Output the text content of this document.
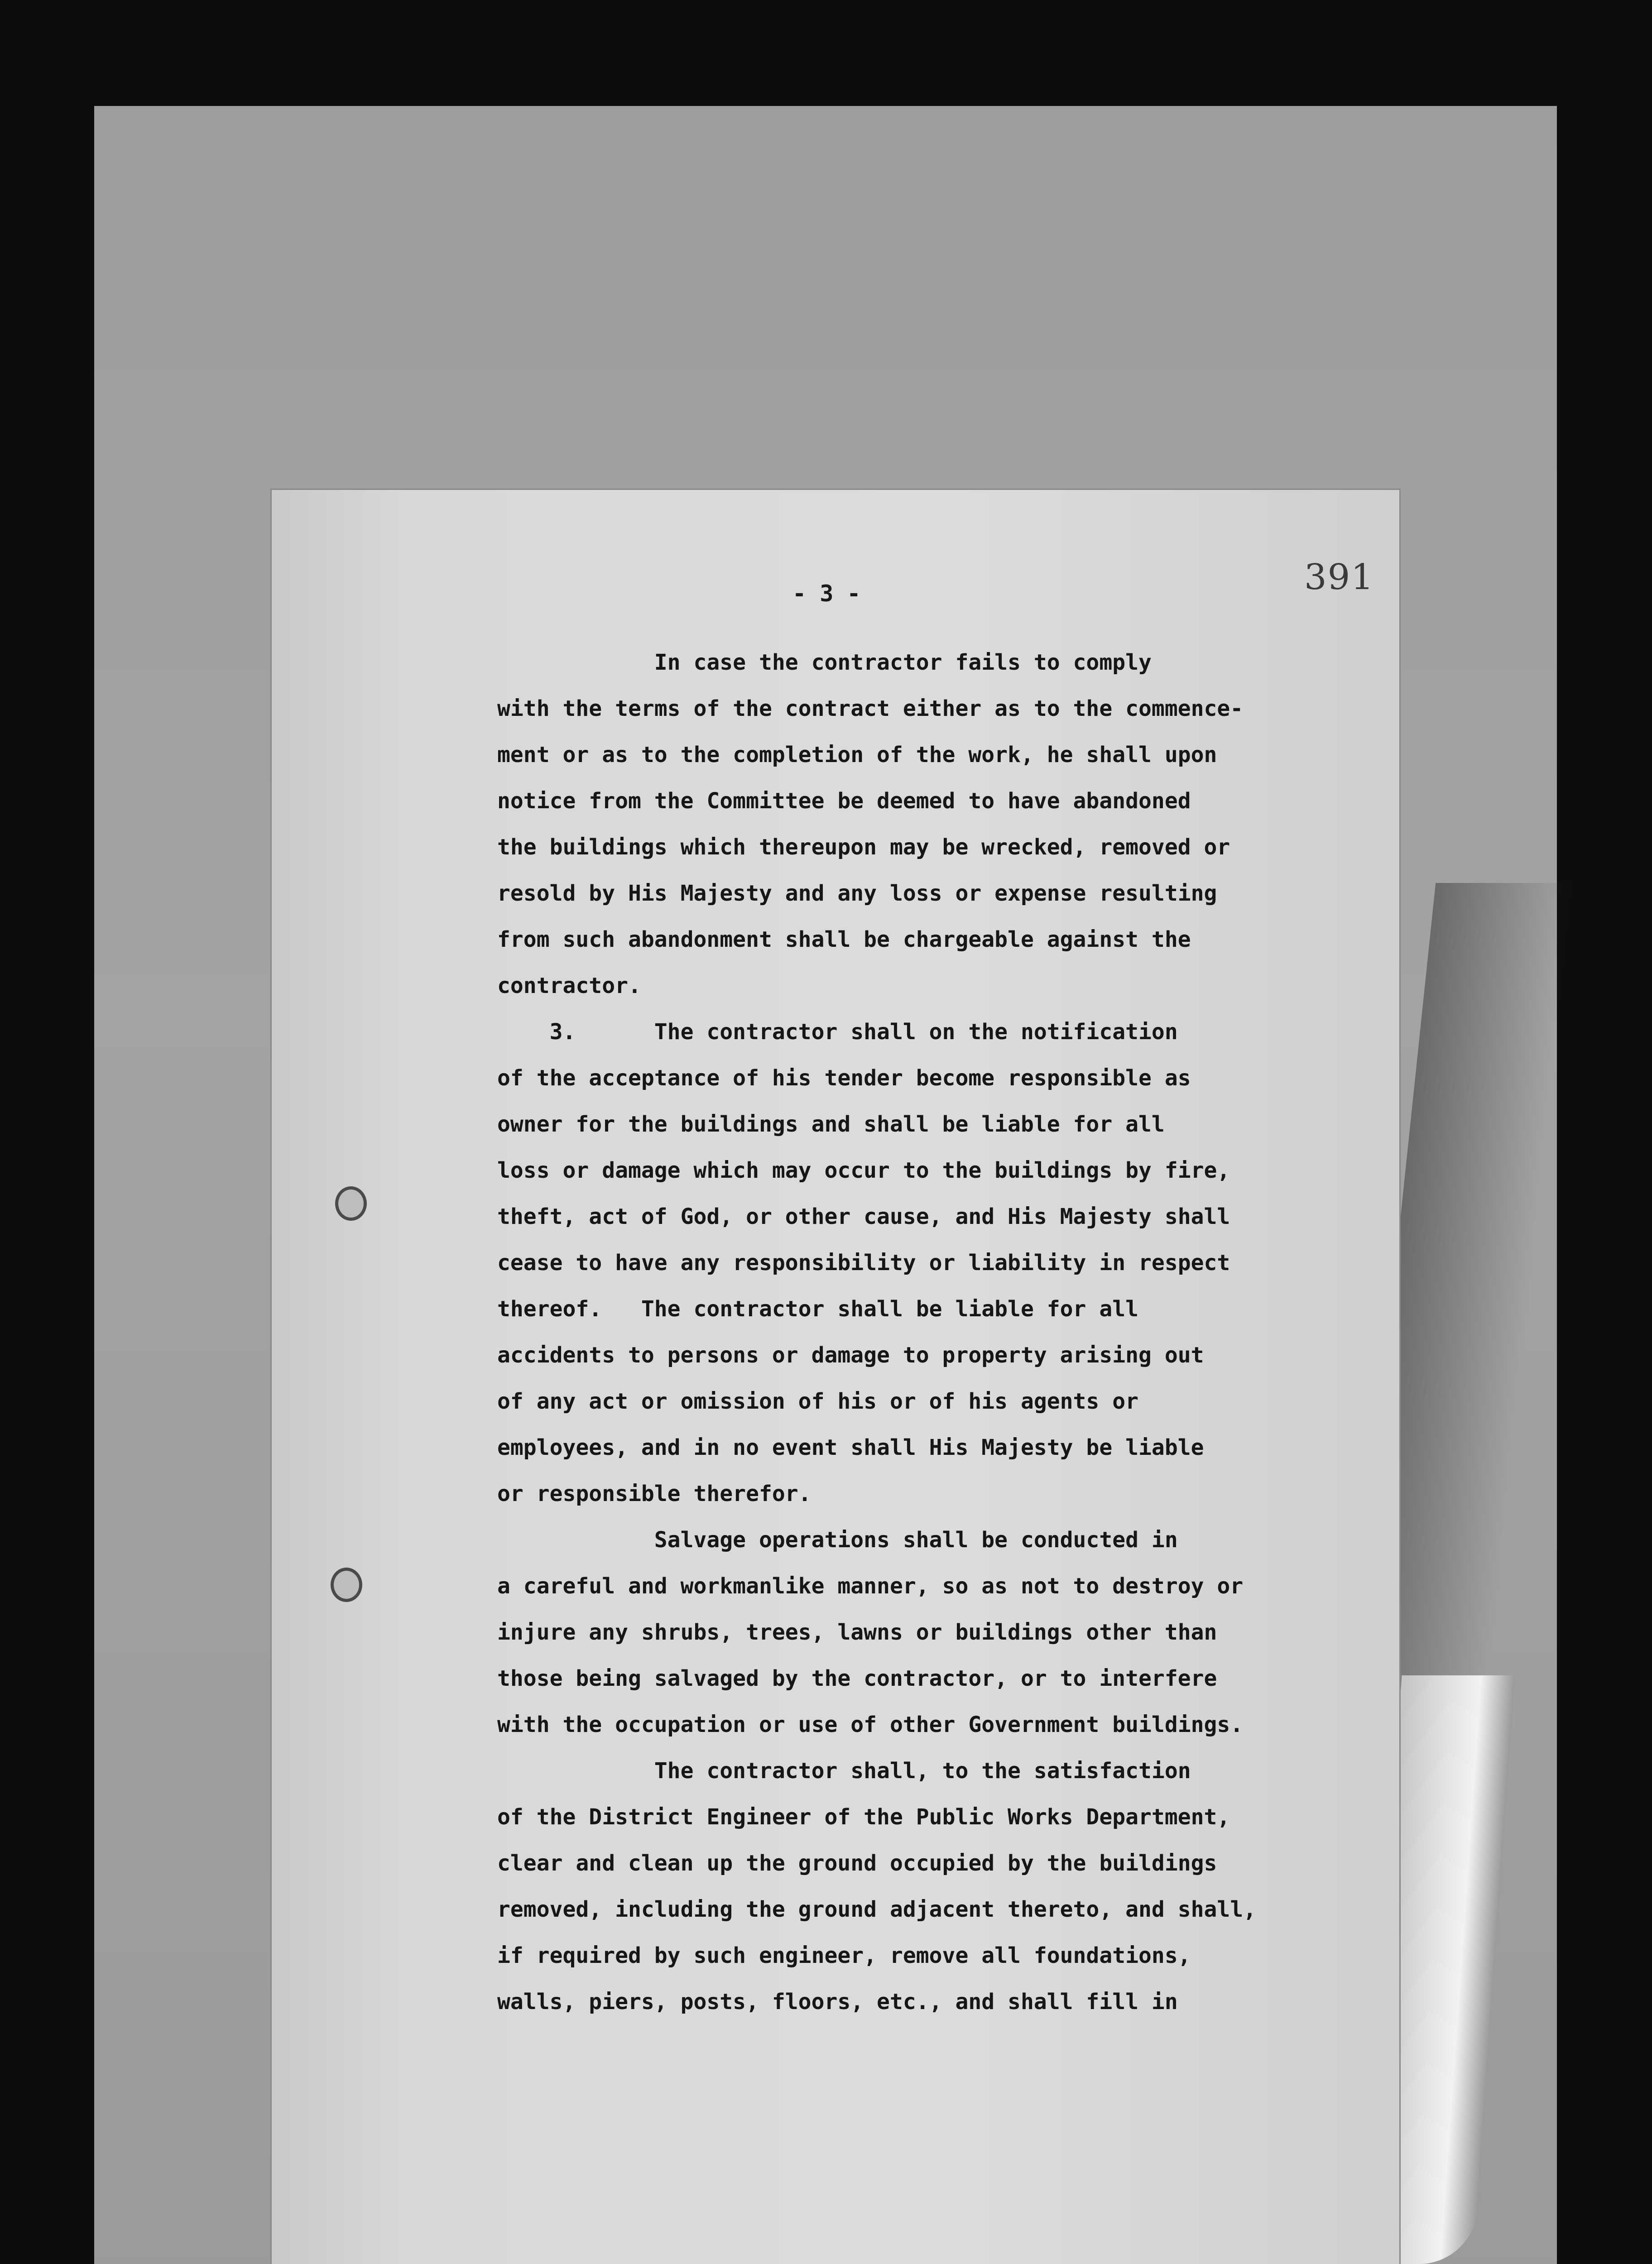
391
- 3 -
In case the contractor fails to comply
with the terms of the contract either as to the commence-
ment or as to the completion of the work, he shall upon
notice from the Committee be deemed to have abandoned
the buildings which thereupon may be wrecked, removed or
resold by His Majesty and any loss or expense resulting
from such abandonment shall be chargeable against the
contractor.
3.      The contractor shall on the notification
of the acceptance of his tender become responsible as
owner for the buildings and shall be liable for all
loss or damage which may occur to the buildings by fire,
theft, act of God, or other cause, and His Majesty shall
cease to have any responsibility or liability in respect
thereof.   The contractor shall be liable for all
accidents to persons or damage to property arising out
of any act or omission of his or of his agents or
employees, and in no event shall His Majesty be liable
or responsible therefor.
Salvage operations shall be conducted in
a careful and workmanlike manner, so as not to destroy or
injure any shrubs, trees, lawns or buildings other than
those being salvaged by the contractor, or to interfere
with the occupation or use of other Government buildings.
The contractor shall, to the satisfaction
of the District Engineer of the Public Works Department,
clear and clean up the ground occupied by the buildings
removed, including the ground adjacent thereto, and shall,
if required by such engineer, remove all foundations,
walls, piers, posts, floors, etc., and shall fill in
